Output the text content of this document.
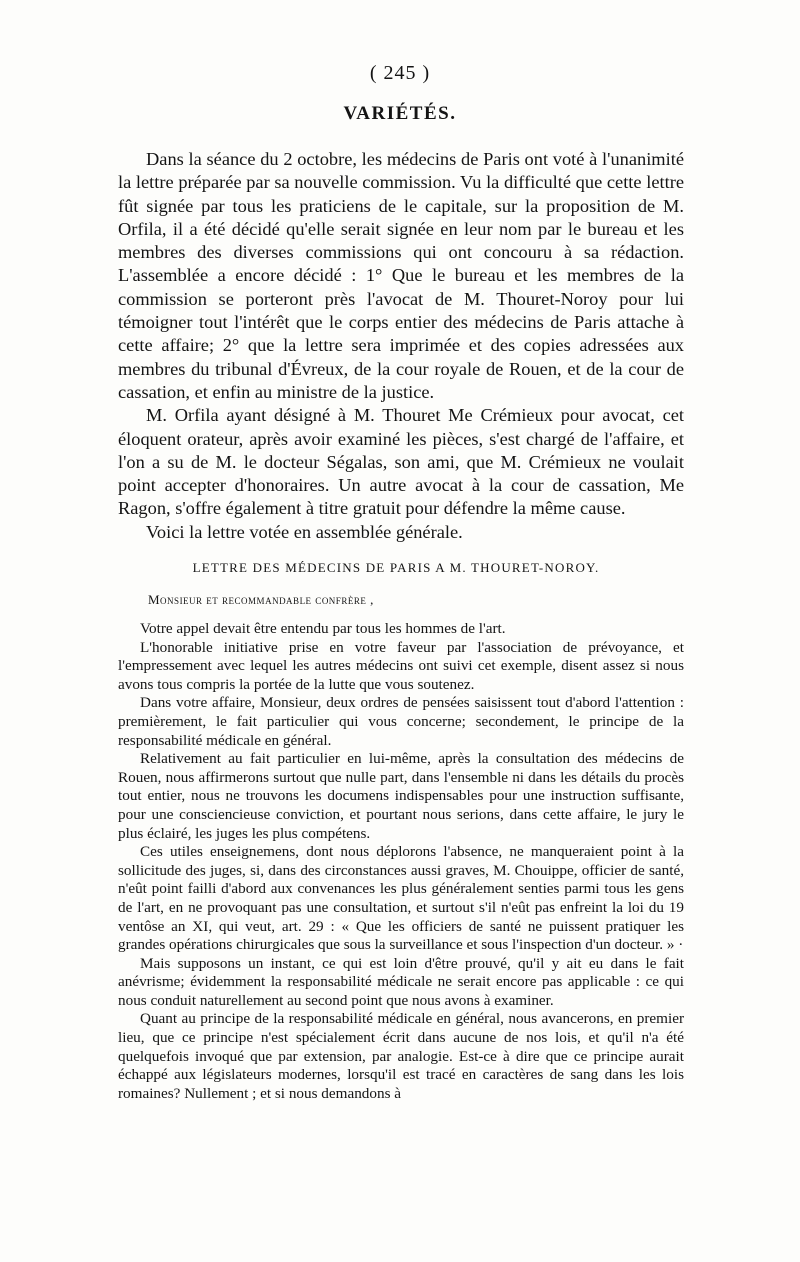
( 245 )
VARIÉTÉS.

Dans la séance du 2 octobre, les médecins de Paris ont voté à l'unanimité la lettre préparée par sa nouvelle commission. Vu la difficulté que cette lettre fût signée par tous les praticiens de le capitale, sur la proposition de M. Orfila, il a été décidé qu'elle serait signée en leur nom par le bureau et les membres des diverses commissions qui ont concouru à sa rédaction. L'assemblée a encore décidé : 1° Que le bureau et les membres de la commission se porteront près l'avocat de M. Thouret-Noroy pour lui témoigner tout l'intérêt que le corps entier des médecins de Paris attache à cette affaire; 2° que la lettre sera imprimée et des copies adressées aux membres du tribunal d'Évreux, de la cour royale de Rouen, et de la cour de cassation, et enfin au ministre de la justice.

M. Orfila ayant désigné à M. Thouret Me Crémieux pour avocat, cet éloquent orateur, après avoir examiné les pièces, s'est chargé de l'affaire, et l'on a su de M. le docteur Ségalas, son ami, que M. Crémieux ne voulait point accepter d'honoraires. Un autre avocat à la cour de cassation, Me Ragon, s'offre également à titre gratuit pour défendre la même cause.

Voici la lettre votée en assemblée générale.

LETTRE DES MÉDECINS DE PARIS A M. THOURET-NOROY.
Monsieur et recommandable confrère ,

Votre appel devait être entendu par tous les hommes de l'art.

L'honorable initiative prise en votre faveur par l'association de prévoyance, et l'empressement avec lequel les autres médecins ont suivi cet exemple, disent assez si nous avons tous compris la portée de la lutte que vous soutenez.

Dans votre affaire, Monsieur, deux ordres de pensées saisissent tout d'abord l'attention : premièrement, le fait particulier qui vous concerne; secondement, le principe de la responsabilité médicale en général.

Relativement au fait particulier en lui-même, après la consultation des médecins de Rouen, nous affirmerons surtout que nulle part, dans l'ensemble ni dans les détails du procès tout entier, nous ne trouvons les documens indispensables pour une instruction suffisante, pour une consciencieuse conviction, et pourtant nous serions, dans cette affaire, le jury le plus éclairé, les juges les plus compétens.

Ces utiles enseignemens, dont nous déplorons l'absence, ne manqueraient point à la sollicitude des juges, si, dans des circonstances aussi graves, M. Chouippe, officier de santé, n'eût point failli d'abord aux convenances les plus généralement senties parmi tous les gens de l'art, en ne provoquant pas une consultation, et surtout s'il n'eût pas enfreint la loi du 19 ventôse an XI, qui veut, art. 29 : « Que les officiers de santé ne puissent pratiquer les grandes opérations chirurgicales que sous la surveillance et sous l'inspection d'un docteur. » ·

Mais supposons un instant, ce qui est loin d'être prouvé, qu'il y ait eu dans le fait anévrisme; évidemment la responsabilité médicale ne serait encore pas applicable : ce qui nous conduit naturellement au second point que nous avons à examiner.

Quant au principe de la responsabilité médicale en général, nous avancerons, en premier lieu, que ce principe n'est spécialement écrit dans aucune de nos lois, et qu'il n'a été quelquefois invoqué que par extension, par analogie. Est-ce à dire que ce principe aurait échappé aux législateurs modernes, lorsqu'il est tracé en caractères de sang dans les lois romaines? Nullement ; et si nous demandons à
